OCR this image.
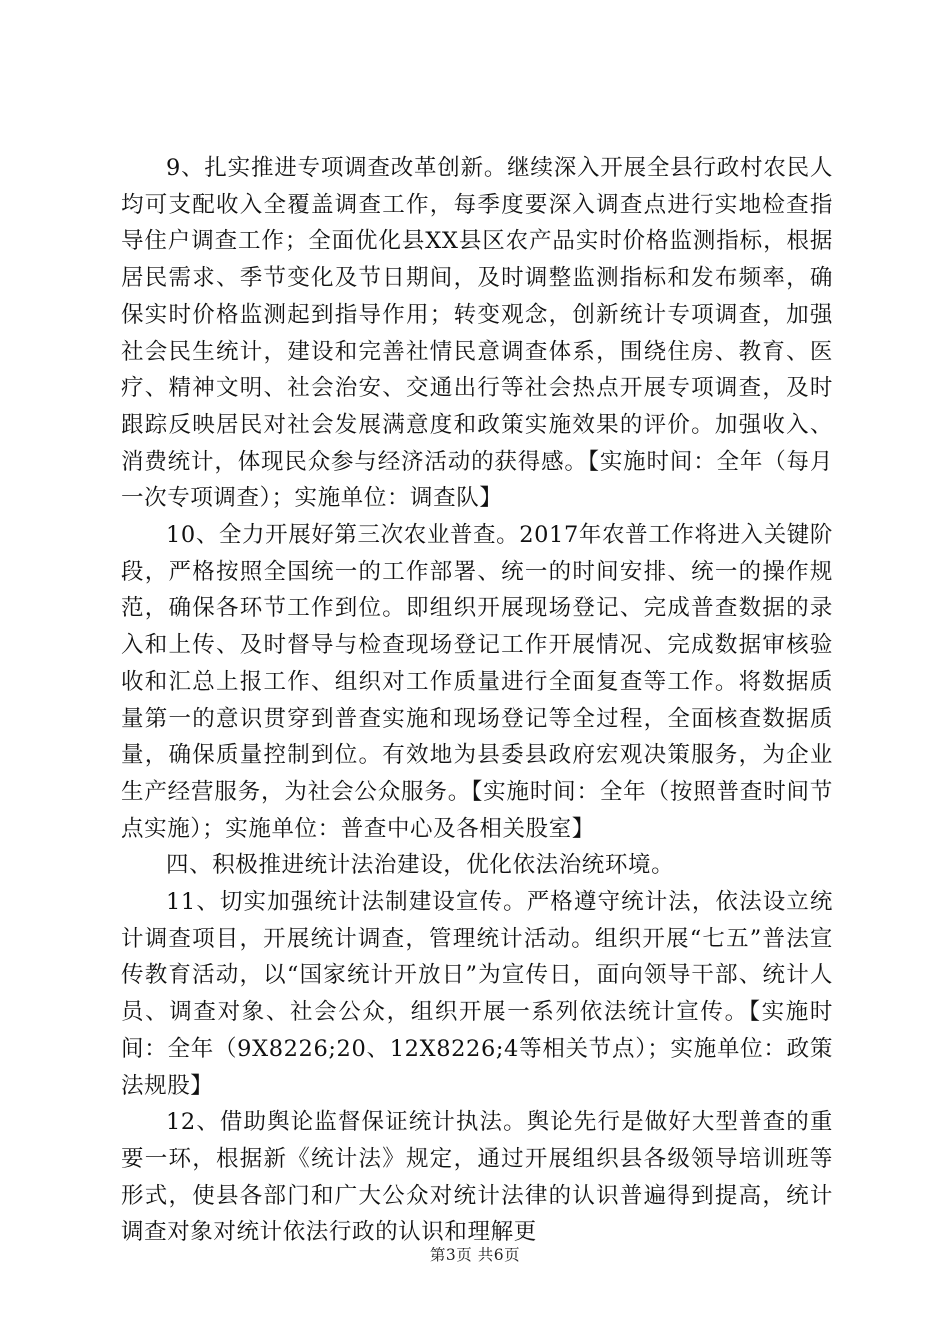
9、扎实推进专项调查改革创新。继续深入开展全县行政村农民人均可支配收入全覆盖调查工作，每季度要深入调查点进行实地检查指导住户调查工作；全面优化县XX县区农产品实时价格监测指标，根据居民需求、季节变化及节日期间，及时调整监测指标和发布频率，确保实时价格监测起到指导作用；转变观念，创新统计专项调查，加强社会民生统计，建设和完善社情民意调查体系，围绕住房、教育、医疗、精神文明、社会治安、交通出行等社会热点开展专项调查，及时跟踪反映居民对社会发展满意度和政策实施效果的评价。加强收入、消费统计，体现民众参与经济活动的获得感。【实施时间：全年（每月一次专项调查）；实施单位：调查队】

10、全力开展好第三次农业普查。2017年农普工作将进入关键阶段，严格按照全国统一的工作部署、统一的时间安排、统一的操作规范，确保各环节工作到位。即组织开展现场登记、完成普查数据的录入和上传、及时督导与检查现场登记工作开展情况、完成数据审核验收和汇总上报工作、组织对工作质量进行全面复查等工作。将数据质量第一的意识贯穿到普查实施和现场登记等全过程，全面核查数据质量，确保质量控制到位。有效地为县委县政府宏观决策服务，为企业生产经营服务，为社会公众服务。【实施时间：全年（按照普查时间节点实施）；实施单位：普查中心及各相关股室】

四、积极推进统计法治建设，优化依法治统环境。

11、切实加强统计法制建设宣传。严格遵守统计法，依法设立统计调查项目，开展统计调查，管理统计活动。组织开展“七五”普法宣传教育活动，以“国家统计开放日”为宣传日，面向领导干部、统计人员、调查对象、社会公众，组织开展一系列依法统计宣传。【实施时间：全年（9X8226;20、12X8226;4等相关节点）；实施单位：政策法规股】

12、借助舆论监督保证统计执法。舆论先行是做好大型普查的重要一环，根据新《统计法》规定，通过开展组织县各级领导培训班等形式，使县各部门和广大公众对统计法律的认识普遍得到提高，统计调查对象对统计依法行政的认识和理解更

第3页 共6页
